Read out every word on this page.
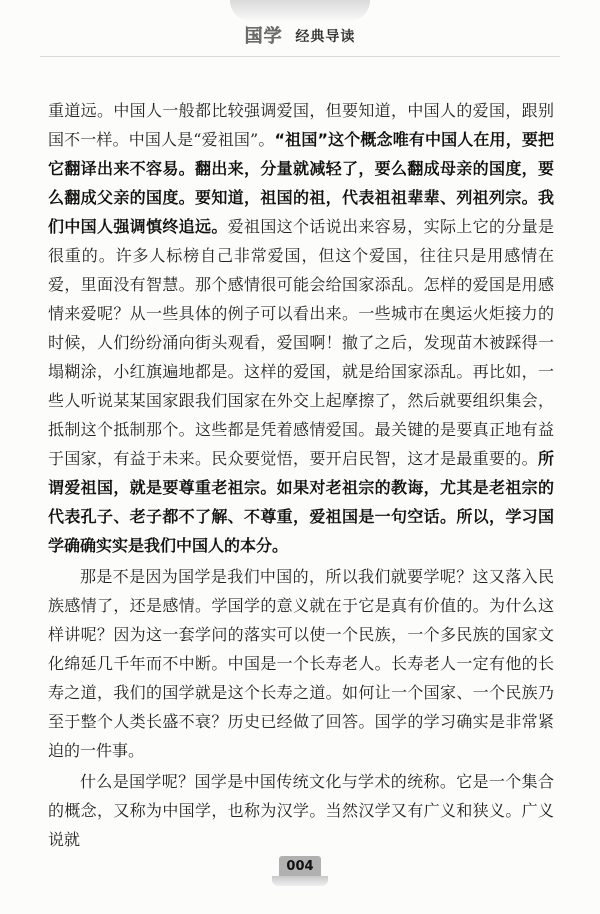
国学 经典导读

重道远。中国人一般都比较强调爱国，但要知道，中国人的爱国，跟别国不一样。中国人是“爱祖国”。“祖国”这个概念唯有中国人在用，要把它翻译出来不容易。翻出来，分量就减轻了，要么翻成母亲的国度，要么翻成父亲的国度。要知道，祖国的祖，代表祖祖辈辈、列祖列宗。我们中国人强调慎终追远。爱祖国这个话说出来容易，实际上它的分量是很重的。许多人标榜自己非常爱国，但这个爱国，往往只是用感情在爱，里面没有智慧。那个感情很可能会给国家添乱。怎样的爱国是用感情来爱呢？从一些具体的例子可以看出来。一些城市在奥运火炬接力的时候，人们纷纷涌向街头观看，爱国啊！撤了之后，发现苗木被踩得一塌糊涂，小红旗遍地都是。这样的爱国，就是给国家添乱。再比如，一些人听说某某国家跟我们国家在外交上起摩擦了，然后就要组织集会，抵制这个抵制那个。这些都是凭着感情爱国。最关键的是要真正地有益于国家，有益于未来。民众要觉悟，要开启民智，这才是最重要的。所谓爱祖国，就是要尊重老祖宗。如果对老祖宗的教诲，尤其是老祖宗的代表孔子、老子都不了解、不尊重，爱祖国是一句空话。所以，学习国学确确实实是我们中国人的本分。

那是不是因为国学是我们中国的，所以我们就要学呢？这又落入民族感情了，还是感情。学国学的意义就在于它是真有价值的。为什么这样讲呢？因为这一套学问的落实可以使一个民族，一个多民族的国家文化绵延几千年而不中断。中国是一个长寿老人。长寿老人一定有他的长寿之道，我们的国学就是这个长寿之道。如何让一个国家、一个民族乃至于整个人类长盛不衰？历史已经做了回答。国学的学习确实是非常紧迫的一件事。

什么是国学呢？国学是中国传统文化与学术的统称。它是一个集合的概念，又称为中国学，也称为汉学。当然汉学又有广义和狭义。广义说就

004
